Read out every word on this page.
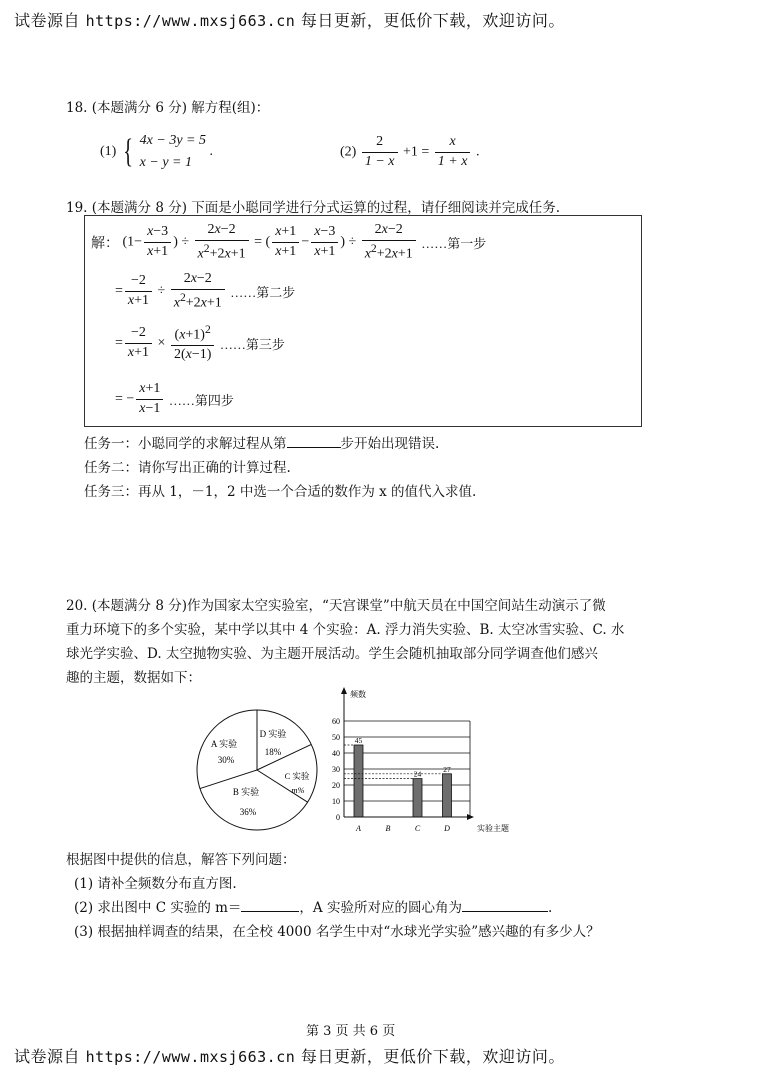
试卷源自 https://www.mxsj663.cn 每日更新，更低价下载，欢迎访问。
18. (本题满分 6 分) 解方程(组)：
(1) { 4x − 3y = 5
x − y = 1
.	$(2) \frac{2}{1 - x} +1 = \frac{x}{1 + x}$ .
19. (本题满分 8 分) 下面是小聪同学进行分式运算的过程，请仔细阅读并完成任务.
解： ($1- \frac{x-3}{x+1}$ ) ÷ $\frac{2x-2}{x^2+2x+1}$ = ( $\frac{x+1}{x+1} - \frac{x-3}{x+1}$ ) ÷ $\frac{2x-2}{x^2+2x+1}$ ……第一步
= $\frac{-2}{x+1} \div \frac{2x-2}{x^2+2x+1}$ ……第二步
= $\frac{-2}{x+1} \times \frac{(x+1)^2}{2(x-1)}$ ……第三步
= − $\frac{x+1}{x-1}$ ……第四步
任务一：小聪同学的求解过程从第	步开始出现错误.
任务二：请你写出正确的计算过程.
任务三：再从 1，－1，2 中选一个合适的数作为 x 的值代入求值.
20. (本题满分 8 分)作为国家太空实验室，“天宫课堂”中航天员在中国空间站生动演示了微
重力环境下的多个实验，某中学以其中 4 个实验：A. 浮力消失实验、B. 太空冰雪实验、C. 水
球光学实验、D. 太空抛物实验、为主题开展活动。学生会随机抽取部分同学调查他们感兴
趣的主题，数据如下：
A 实验
30%
D 实验
18%
C 实验
m%
B 实验
36%
0
10
20
30
40
50
60
A	B	C	D
45
24
27
频数
实验主题
根据图中提供的信息，解答下列问题：
(1) 请补全频数分布直方图.
(2) 求出图中 C 实验的 m＝	，A 实验所对应的圆心角为	.
(3) 根据抽样调查的结果，在全校 4000 名学生中对“水球光学实验”感兴趣的有多少人？
第 3 页 共 6 页
试卷源自 https://www.mxsj663.cn 每日更新，更低价下载，欢迎访问。
